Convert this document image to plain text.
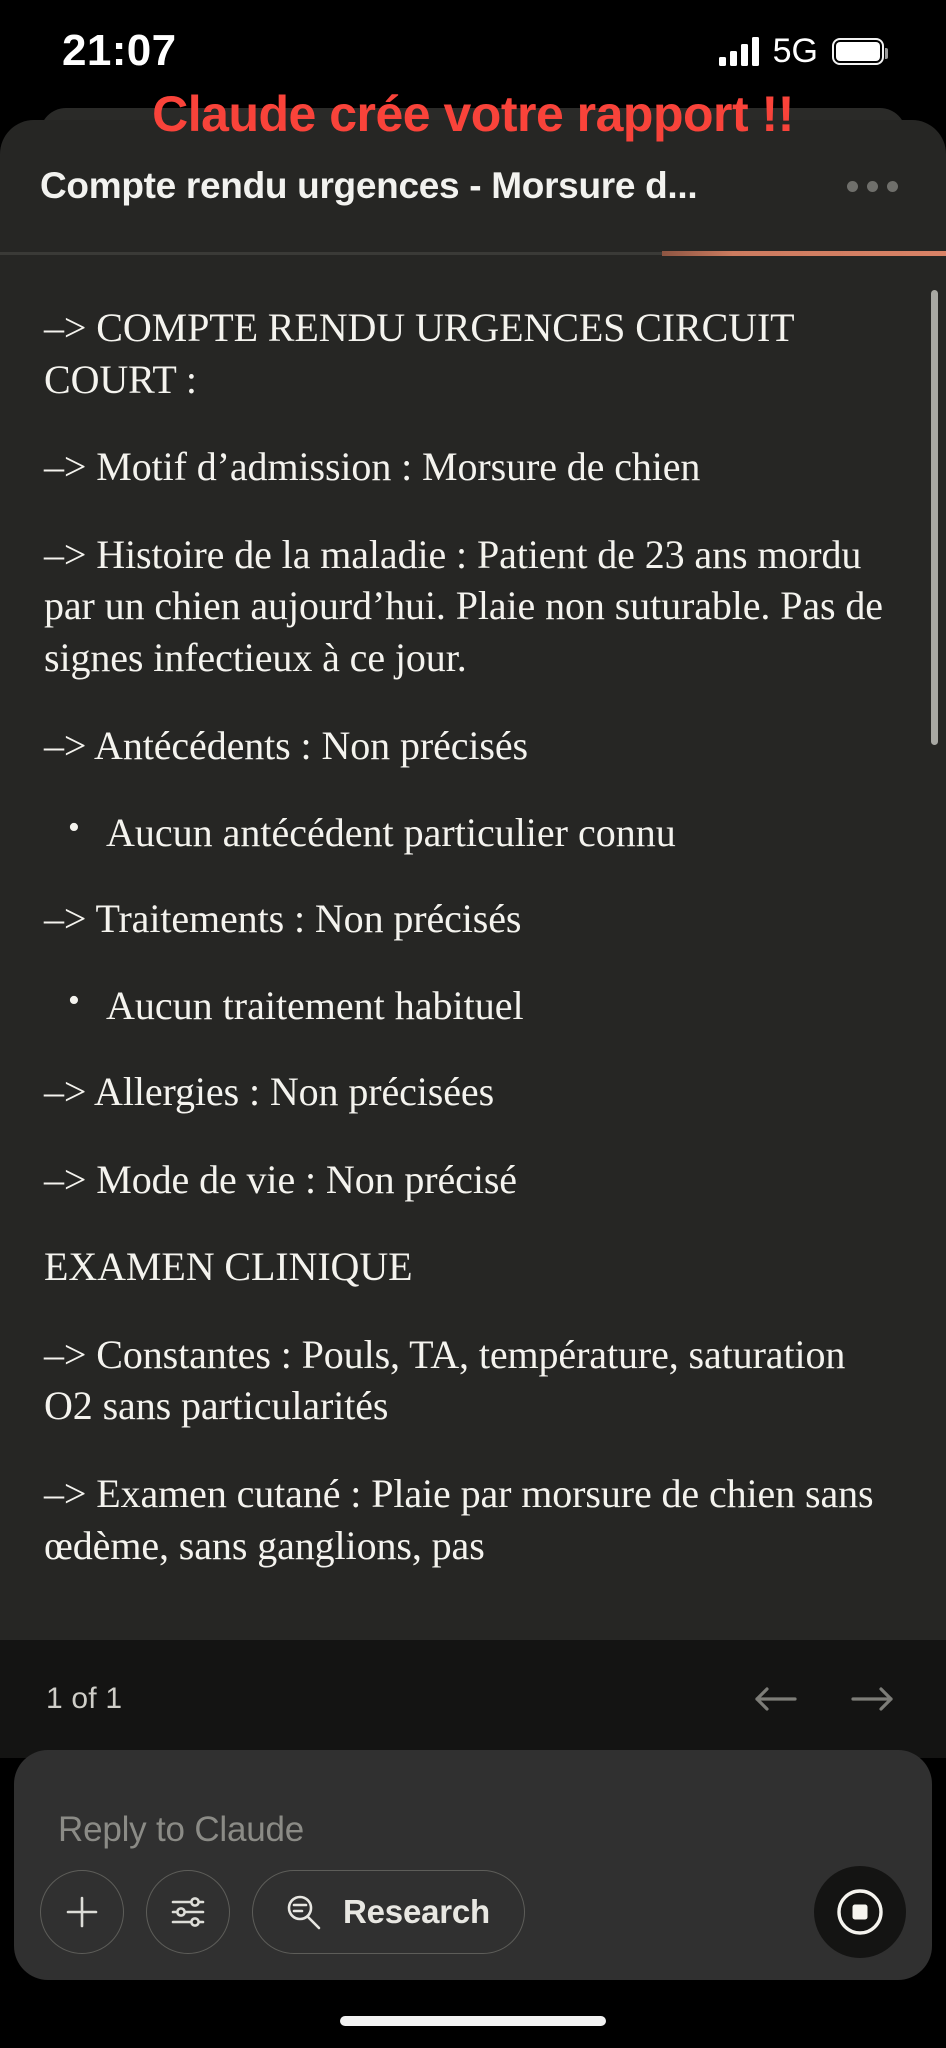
21:07	5G
Compte rendu urgences - Morsure d...

–> COMPTE RENDU URGENCES CIRCUIT COURT :

–> Motif d’admission : Morsure de chien

–> Histoire de la maladie : Patient de 23 ans mordu par un chien aujourd’hui. Plaie non suturable. Pas de signes infectieux à ce jour.

–> Antécédents : Non précisés

• Aucun antécédent particulier connu

–> Traitements : Non précisés

• Aucun traitement habituel

–> Allergies : Non précisées

–> Mode de vie : Non précisé

EXAMEN CLINIQUE

–> Constantes : Pouls, TA, température, saturation O2 sans particularités

–> Examen cutané : Plaie par morsure de chien sans œdème, sans ganglions, pas

1 of 1
Reply to Claude
Research
Claude crée votre rapport !!
